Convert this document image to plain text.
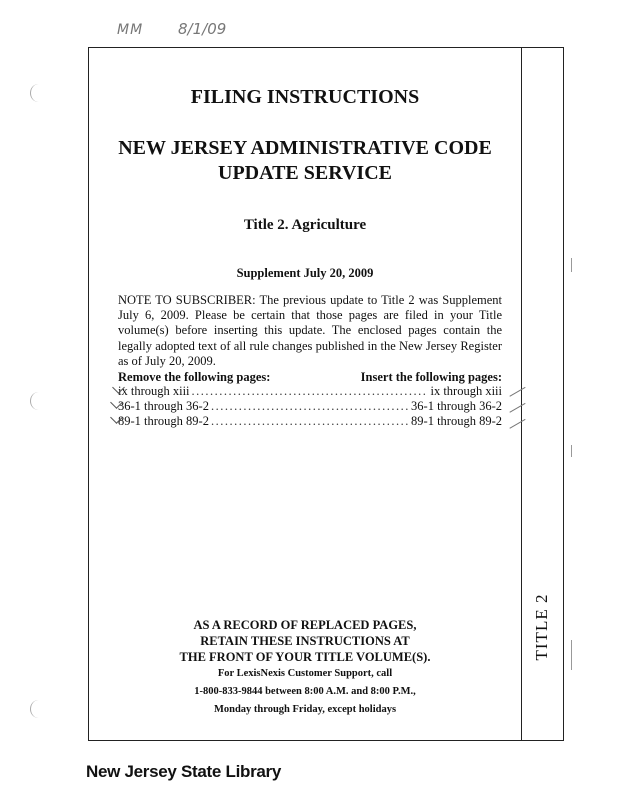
MM 8/1/09
TITLE 2
FILING INSTRUCTIONS
NEW JERSEY ADMINISTRATIVE CODE
UPDATE SERVICE
Title 2. Agriculture
Supplement July 20, 2009
NOTE TO SUBSCRIBER: The previous update to Title 2 was Supplement July 6, 2009. Please be certain that those pages are filed in your Title volume(s) before inserting this update. The enclosed pages contain the legally adopted text of all rule changes published in the New Jersey Register as of July 20, 2009.
Remove the following pages:	Insert the following pages:
ix through xiii .....	ix through xiii
36-1 through 36-2 .....	36-1 through 36-2
89-1 through 89-2 .....	89-1 through 89-2
AS A RECORD OF REPLACED PAGES,
RETAIN THESE INSTRUCTIONS AT
THE FRONT OF YOUR TITLE VOLUME(S).
For LexisNexis Customer Support, call
1-800-833-9844 between 8:00 A.M. and 8:00 P.M.,
Monday through Friday, except holidays
New Jersey State Library
